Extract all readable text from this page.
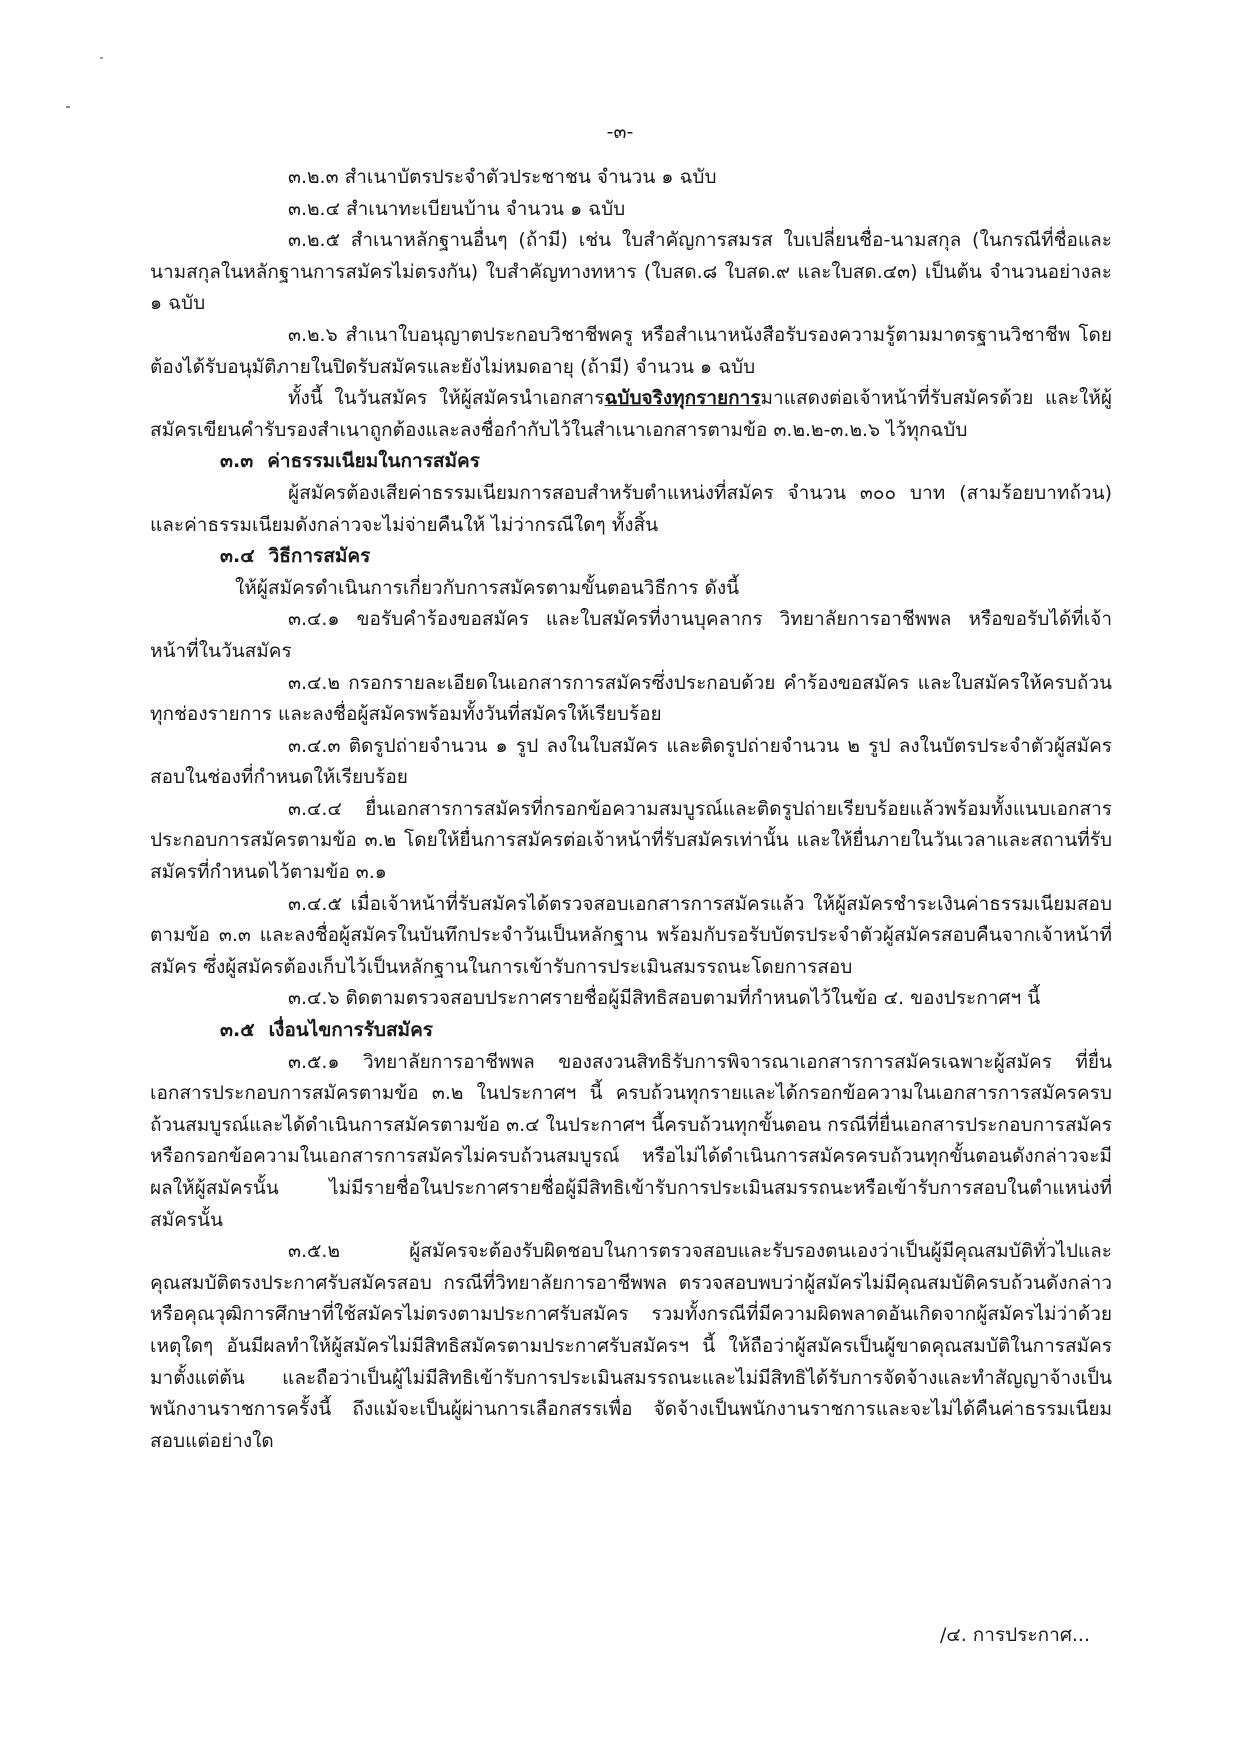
-๓-

๓.๒.๓ สำเนาบัตรประจำตัวประชาชน จำนวน ๑ ฉบับ

๓.๒.๔ สำเนาทะเบียนบ้าน จำนวน ๑ ฉบับ

๓.๒.๕ สำเนาหลักฐานอื่นๆ (ถ้ามี) เช่น ใบสำคัญการสมรส ใบเปลี่ยนชื่อ-นามสกุล (ในกรณีที่ชื่อและนามสกุลในหลักฐานการสมัครไม่ตรงกัน) ใบสำคัญทางทหาร (ใบสด.๘ ใบสด.๙ และใบสด.๔๓) เป็นต้น จำนวนอย่างละ ๑ ฉบับ

๓.๒.๖ สำเนาใบอนุญาตประกอบวิชาชีพครู หรือสำเนาหนังสือรับรองความรู้ตามมาตรฐานวิชาชีพ โดยต้องได้รับอนุมัติภายในปิดรับสมัครและยังไม่หมดอายุ (ถ้ามี) จำนวน ๑ ฉบับ

ทั้งนี้ ในวันสมัคร ให้ผู้สมัครนำเอกสารฉบับจริงทุกรายการมาแสดงต่อเจ้าหน้าที่รับสมัครด้วย และให้ผู้สมัครเขียนคำรับรองสำเนาถูกต้องและลงชื่อกำกับไว้ในสำเนาเอกสารตามข้อ ๓.๒.๒-๓.๒.๖ ไว้ทุกฉบับ

๓.๓ ค่าธรรมเนียมในการสมัคร

ผู้สมัครต้องเสียค่าธรรมเนียมการสอบสำหรับตำแหน่งที่สมัคร จำนวน ๓๐๐ บาท (สามร้อยบาทถ้วน) และค่าธรรมเนียมดังกล่าวจะไม่จ่ายคืนให้ ไม่ว่ากรณีใดๆ ทั้งสิ้น

๓.๔ วิธีการสมัคร

ให้ผู้สมัครดำเนินการเกี่ยวกับการสมัครตามขั้นตอนวิธีการ ดังนี้

๓.๔.๑ ขอรับคำร้องขอสมัคร และใบสมัครที่งานบุคลากร วิทยาลัยการอาชีพพล หรือขอรับได้ที่เจ้าหน้าที่ในวันสมัคร

๓.๔.๒ กรอกรายละเอียดในเอกสารการสมัครซึ่งประกอบด้วย คำร้องขอสมัคร และใบสมัครให้ครบถ้วนทุกช่องรายการ และลงชื่อผู้สมัครพร้อมทั้งวันที่สมัครให้เรียบร้อย

๓.๔.๓ ติดรูปถ่ายจำนวน ๑ รูป ลงในใบสมัคร และติดรูปถ่ายจำนวน ๒ รูป ลงในบัตรประจำตัวผู้สมัครสอบในช่องที่กำหนดให้เรียบร้อย

๓.๔.๔ ยื่นเอกสารการสมัครที่กรอกข้อความสมบูรณ์และติดรูปถ่ายเรียบร้อยแล้วพร้อมทั้งแนบเอกสารประกอบการสมัครตามข้อ ๓.๒ โดยให้ยื่นการสมัครต่อเจ้าหน้าที่รับสมัครเท่านั้น และให้ยื่นภายในวันเวลาและสถานที่รับสมัครที่กำหนดไว้ตามข้อ ๓.๑

๓.๔.๕ เมื่อเจ้าหน้าที่รับสมัครได้ตรวจสอบเอกสารการสมัครแล้ว ให้ผู้สมัครชำระเงินค่าธรรมเนียมสอบตามข้อ ๓.๓ และลงชื่อผู้สมัครในบันทึกประจำวันเป็นหลักฐาน พร้อมกับรอรับบัตรประจำตัวผู้สมัครสอบคืนจากเจ้าหน้าที่สมัคร ซึ่งผู้สมัครต้องเก็บไว้เป็นหลักฐานในการเข้ารับการประเมินสมรรถนะโดยการสอบ

๓.๔.๖ ติดตามตรวจสอบประกาศรายชื่อผู้มีสิทธิสอบตามที่กำหนดไว้ในข้อ ๔. ของประกาศฯ นี้

๓.๕ เงื่อนไขการรับสมัคร

๓.๕.๑ วิทยาลัยการอาชีพพล ของสงวนสิทธิรับการพิจารณาเอกสารการสมัครเฉพาะผู้สมัคร ที่ยื่นเอกสารประกอบการสมัครตามข้อ ๓.๒ ในประกาศฯ นี้ ครบถ้วนทุกรายและได้กรอกข้อความในเอกสารการสมัครครบถ้วนสมบูรณ์และได้ดำเนินการสมัครตามข้อ ๓.๔ ในประกาศฯ นี้ครบถ้วนทุกขั้นตอน กรณีที่ยื่นเอกสารประกอบการสมัคร หรือกรอกข้อความในเอกสารการสมัครไม่ครบถ้วนสมบูรณ์ หรือไม่ได้ดำเนินการสมัครครบถ้วนทุกขั้นตอนดังกล่าวจะมีผลให้ผู้สมัครนั้น ไม่มีรายชื่อในประกาศรายชื่อผู้มีสิทธิเข้ารับการประเมินสมรรถนะหรือเข้ารับการสอบในตำแหน่งที่สมัครนั้น

๓.๕.๒ ผู้สมัครจะต้องรับผิดชอบในการตรวจสอบและรับรองตนเองว่าเป็นผู้มีคุณสมบัติทั่วไปและคุณสมบัติตรงประกาศรับสมัครสอบ กรณีที่วิทยาลัยการอาชีพพล ตรวจสอบพบว่าผู้สมัครไม่มีคุณสมบัติครบถ้วนดังกล่าว หรือคุณวุฒิการศึกษาที่ใช้สมัครไม่ตรงตามประกาศรับสมัคร รวมทั้งกรณีที่มีความผิดพลาดอันเกิดจากผู้สมัครไม่ว่าด้วยเหตุใดๆ อันมีผลทำให้ผู้สมัครไม่มีสิทธิสมัครตามประกาศรับสมัครฯ นี้ ให้ถือว่าผู้สมัครเป็นผู้ขาดคุณสมบัติในการสมัครมาตั้งแต่ต้น และถือว่าเป็นผู้ไม่มีสิทธิเข้ารับการประเมินสมรรถนะและไม่มีสิทธิได้รับการจัดจ้างและทำสัญญาจ้างเป็นพนักงานราชการครั้งนี้ ถึงแม้จะเป็นผู้ผ่านการเลือกสรรเพื่อ จัดจ้างเป็นพนักงานราชการและจะไม่ได้คืนค่าธรรมเนียมสอบแต่อย่างใด

/๔. การประกาศ...
